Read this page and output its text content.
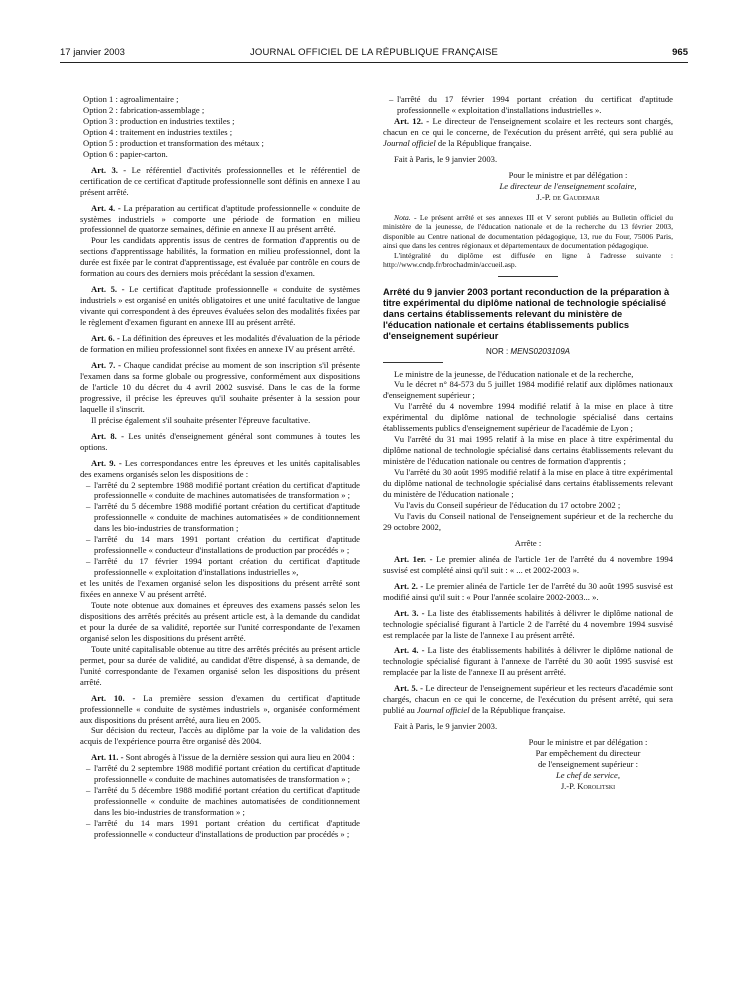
17 janvier 2003	JOURNAL OFFICIEL DE LA RÉPUBLIQUE FRANÇAISE	965
Option 1 : agroalimentaire ;
Option 2 : fabrication-assemblage ;
Option 3 : production en industries textiles ;
Option 4 : traitement en industries textiles ;
Option 5 : production et transformation des métaux ;
Option 6 : papier-carton.

Art. 3. - Le référentiel d'activités professionnelles et le référentiel de certification de ce certificat d'aptitude professionnelle sont définis en annexe I au présent arrêté.

Art. 4. - La préparation au certificat d'aptitude professionnelle « conduite de systèmes industriels » comporte une période de formation en milieu professionnel de quatorze semaines, définie en annexe II au présent arrêté.

Pour les candidats apprentis issus de centres de formation d'apprentis ou de sections d'apprentissage habilités, la formation en milieu professionnel, dont la durée est fixée par le contrat d'apprentissage, est évaluée par contrôle en cours de formation au cours des derniers mois précédant la session d'examen.

Art. 5. - Le certificat d'aptitude professionnelle « conduite de systèmes industriels » est organisé en unités obligatoires et une unité facultative de langue vivante qui correspondent à des épreuves évaluées selon des modalités fixées par le règlement d'examen figurant en annexe III au présent arrêté.

Art. 6. - La définition des épreuves et les modalités d'évaluation de la période de formation en milieu professionnel sont fixées en annexe IV au présent arrêté.

Art. 7. - Chaque candidat précise au moment de son inscription s'il présente l'examen dans sa forme globale ou progressive, conformément aux dispositions de l'article 10 du décret du 4 avril 2002 susvisé. Dans le cas de la forme progressive, il précise les épreuves qu'il souhaite présenter à la session pour laquelle il s'inscrit.

Il précise également s'il souhaite présenter l'épreuve facultative.

Art. 8. - Les unités d'enseignement général sont communes à toutes les options.

Art. 9. - Les correspondances entre les épreuves et les unités capitalisables des examens organisés selon les dispositions de :

– l'arrêté du 2 septembre 1988 modifié portant création du certificat d'aptitude professionnelle « conduite de machines automatisées de transformation » ;
– l'arrêté du 5 décembre 1988 modifié portant création du certificat d'aptitude professionnelle « conduite de machines automatisées » de conditionnement dans les bio-industries de transformation ;
– l'arrêté du 14 mars 1991 portant création du certificat d'aptitude professionnelle « conducteur d'installations de production par procédés » ;
– l'arrêté du 17 février 1994 portant création du certificat d'aptitude professionnelle « exploitation d'installations industrielles »,

et les unités de l'examen organisé selon les dispositions du présent arrêté sont fixées en annexe V au présent arrêté.

Toute note obtenue aux domaines et épreuves des examens passés selon les dispositions des arrêtés précités au présent article est, à la demande du candidat et pour la durée de sa validité, reportée sur l'unité correspondante de l'examen organisé selon les dispositions du présent arrêté.

Toute unité capitalisable obtenue au titre des arrêtés précités au présent article permet, pour sa durée de validité, au candidat d'être dispensé, à sa demande, de l'unité correspondante de l'examen organisé selon les dispositions du présent arrêté.

Art. 10. - La première session d'examen du certificat d'aptitude professionnelle « conduite de systèmes industriels », organisée conformément aux dispositions du présent arrêté, aura lieu en 2005.

Sur décision du recteur, l'accès au diplôme par la voie de la validation des acquis de l'expérience pourra être organisé dès 2004.

Art. 11. - Sont abrogés à l'issue de la dernière session qui aura lieu en 2004 :

– l'arrêté du 2 septembre 1988 modifié portant création du certificat d'aptitude professionnelle « conduite de machines automatisées de transformation » ;
– l'arrêté du 5 décembre 1988 modifié portant création du certificat d'aptitude professionnelle « conduite de machines automatisées de conditionnement dans les bio-industries de transformation » ;
– l'arrêté du 14 mars 1991 portant création du certificat d'aptitude professionnelle « conducteur d'installations de production par procédés » ;
– l'arrêté du 17 février 1994 portant création du certificat d'aptitude professionnelle « exploitation d'installations industrielles ».

Art. 12. - Le directeur de l'enseignement scolaire et les recteurs sont chargés, chacun en ce qui le concerne, de l'exécution du présent arrêté, qui sera publié au Journal officiel de la République française.

Fait à Paris, le 9 janvier 2003.

Pour le ministre et par délégation :
Le directeur de l'enseignement scolaire,
J.-P. de Gaudemar

Nota. - Le présent arrêté et ses annexes III et V seront publiés au Bulletin officiel du ministère de la jeunesse, de l'éducation nationale et de la recherche du 13 février 2003, disponible au Centre national de documentation pédagogique, 13, rue du Four, 75006 Paris, ainsi que dans les centres régionaux et départementaux de documentation pédagogique.

L'intégralité du diplôme est diffusée en ligne à l'adresse suivante : http://www.cndp.fr/brochadmin/accueil.asp.

Arrêté du 9 janvier 2003 portant reconduction de la préparation à titre expérimental du diplôme national de technologie spécialisé dans certains établissements relevant du ministère de l'éducation nationale et certains établissements publics d'enseignement supérieur

NOR : MENS0203109A

Le ministre de la jeunesse, de l'éducation nationale et de la recherche,

Vu le décret n° 84-573 du 5 juillet 1984 modifié relatif aux diplômes nationaux d'enseignement supérieur ;

Vu l'arrêté du 4 novembre 1994 modifié relatif à la mise en place à titre expérimental du diplôme national de technologie spécialisé dans certains établissements publics d'enseignement supérieur de l'académie de Lyon ;

Vu l'arrêté du 31 mai 1995 relatif à la mise en place à titre expérimental du diplôme national de technologie spécialisé dans certains établissements relevant du ministère de l'éducation nationale ou centres de formation d'apprentis ;

Vu l'arrêté du 30 août 1995 modifié relatif à la mise en place à titre expérimental du diplôme national de technologie spécialisé dans certains établissements relevant du ministère de l'éducation nationale ;

Vu l'avis du Conseil supérieur de l'éducation du 17 octobre 2002 ;

Vu l'avis du Conseil national de l'enseignement supérieur et de la recherche du 29 octobre 2002,

Arrête :

Art. 1er. - Le premier alinéa de l'article 1er de l'arrêté du 4 novembre 1994 susvisé est complété ainsi qu'il suit : « ... et 2002-2003 ».

Art. 2. - Le premier alinéa de l'article 1er de l'arrêté du 30 août 1995 susvisé est modifié ainsi qu'il suit : « Pour l'année scolaire 2002-2003... ».

Art. 3. - La liste des établissements habilités à délivrer le diplôme national de technologie spécialisé figurant à l'article 2 de l'arrêté du 4 novembre 1994 susvisé est remplacée par la liste de l'annexe I au présent arrêté.

Art. 4. - La liste des établissements habilités à délivrer le diplôme national de technologie spécialisé figurant à l'annexe de l'arrêté du 30 août 1995 susvisé est remplacée par la liste de l'annexe II au présent arrêté.

Art. 5. - Le directeur de l'enseignement supérieur et les recteurs d'académie sont chargés, chacun en ce qui le concerne, de l'exécution du présent arrêté, qui sera publié au Journal officiel de la République française.

Fait à Paris, le 9 janvier 2003.

Pour le ministre et par délégation :
Par empêchement du directeur
de l'enseignement supérieur :
Le chef de service,
J.-P. Korolitski
